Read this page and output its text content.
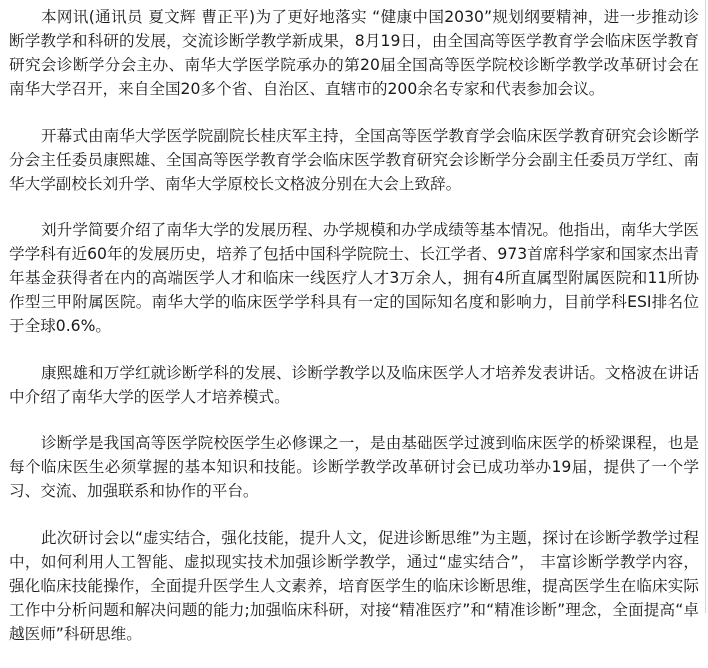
本网讯(通讯员 夏文辉 曹正平)为了更好地落实 “健康中国2030”规划纲要精神，进一步推动诊断学教学和科研的发展，交流诊断学教学新成果，8月19日，由全国高等医学教育学会临床医学教育研究会诊断学分会主办、南华大学医学院承办的第20届全国高等医学院校诊断学教学改革研讨会在南华大学召开，来自全国20多个省、自治区、直辖市的200余名专家和代表参加会议。

开幕式由南华大学医学院副院长桂庆军主持，全国高等医学教育学会临床医学教育研究会诊断学分会主任委员康熙雄、全国高等医学教育学会临床医学教育研究会诊断学分会副主任委员万学红、南华大学副校长刘升学、南华大学原校长文格波分别在大会上致辞。

刘升学简要介绍了南华大学的发展历程、办学规模和办学成绩等基本情况。他指出，南华大学医学学科有近60年的发展历史，培养了包括中国科学院院士、长江学者、973首席科学家和国家杰出青年基金获得者在内的高端医学人才和临床一线医疗人才3万余人，拥有4所直属型附属医院和11所协作型三甲附属医院。南华大学的临床医学学科具有一定的国际知名度和影响力，目前学科ESI排名位于全球0.6%。

康熙雄和万学红就诊断学科的发展、诊断学教学以及临床医学人才培养发表讲话。文格波在讲话中介绍了南华大学的医学人才培养模式。

诊断学是我国高等医学院校医学生必修课之一，是由基础医学过渡到临床医学的桥梁课程，也是每个临床医生必须掌握的基本知识和技能。诊断学教学改革研讨会已成功举办19届，提供了一个学习、交流、加强联系和协作的平台。

此次研讨会以“虚实结合，强化技能，提升人文，促进诊断思维”为主题，探讨在诊断学教学过程中，如何利用人工智能、虚拟现实技术加强诊断学教学，通过“虚实结合”， 丰富诊断学教学内容，强化临床技能操作，全面提升医学生人文素养，培育医学生的临床诊断思维，提高医学生在临床实际工作中分析问题和解决问题的能力;加强临床科研，对接“精准医疗”和“精准诊断”理念，全面提高“卓越医师”科研思维。
